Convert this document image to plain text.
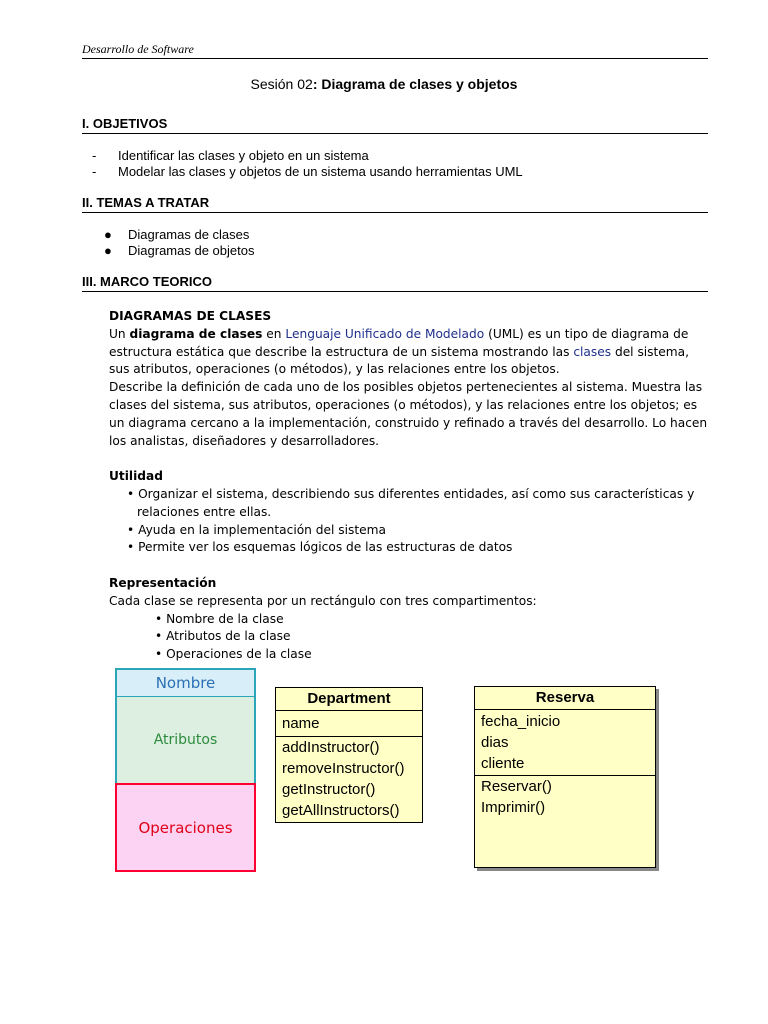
Desarrollo de Software
Sesión 02: Diagrama de clases y objetos
I. OBJETIVOS
-	Identificar las clases y objeto en un sistema
-	Modelar las clases y objetos de un sistema usando herramientas UML
II. TEMAS A TRATAR
●	Diagramas de clases
●	Diagramas de objetos
III. MARCO TEORICO

DIAGRAMAS DE CLASES

Un diagrama de clases en Lenguaje Unificado de Modelado (UML) es un tipo de diagrama de estructura estática que describe la estructura de un sistema mostrando las clases del sistema, sus atributos, operaciones (o métodos), y las relaciones entre los objetos.

Describe la definición de cada uno de los posibles objetos pertenecientes al sistema. Muestra las clases del sistema, sus atributos, operaciones (o métodos), y las relaciones entre los objetos; es un diagrama cercano a la implementación, construido y refinado a través del desarrollo. Lo hacen los analistas, diseñadores y desarrolladores.

Utilidad

• Organizar el sistema, describiendo sus diferentes entidades, así como sus características y

relaciones entre ellas.

• Ayuda en la implementación del sistema

• Permite ver los esquemas lógicos de las estructuras de datos

Representación

Cada clase se representa por un rectángulo con tres compartimentos:

• Nombre de la clase

• Atributos de la clase

• Operaciones de la clase

Nombre
Atributos
Operaciones
Department
name
addInstructor()
removeInstructor()
getInstructor()
getAllInstructors()
Reserva
fecha_inicio
dias
cliente
Reservar()
Imprimir()
